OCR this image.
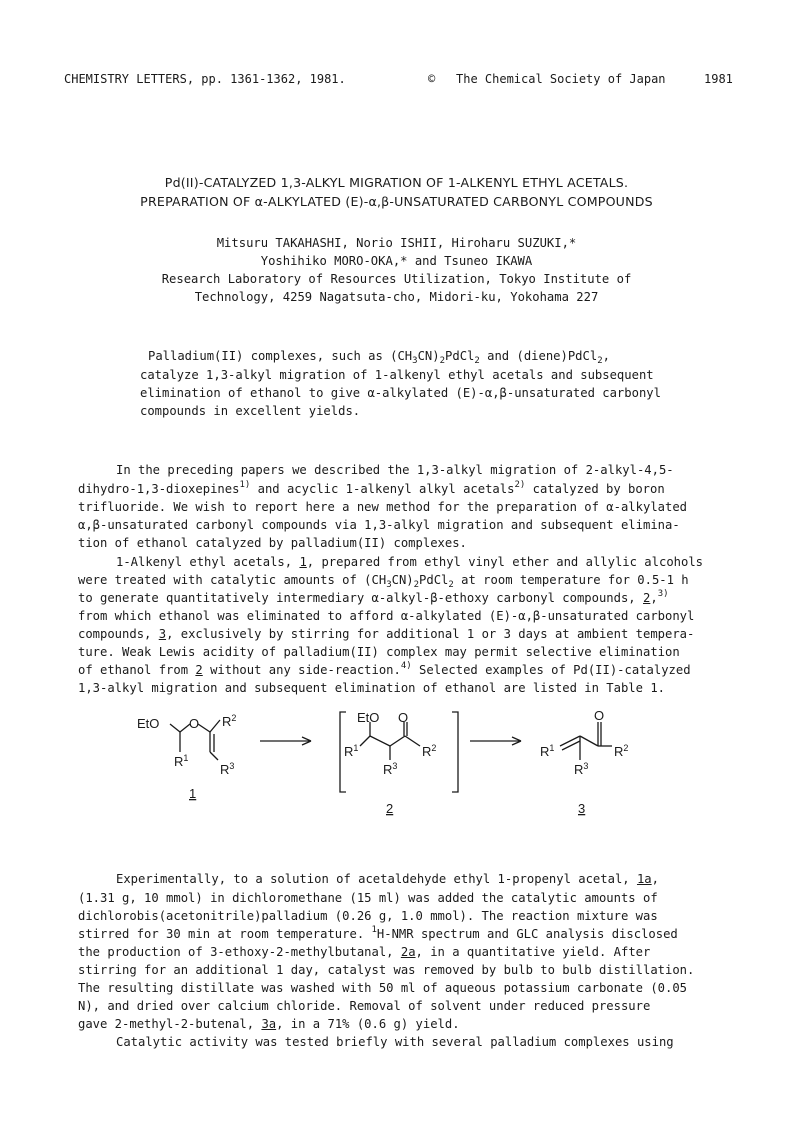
CHEMISTRY LETTERS, pp. 1361-1362, 1981.	© The Chemical Society of Japan	1981
Pd(II)-CATALYZED 1,3-ALKYL MIGRATION OF 1-ALKENYL ETHYL ACETALS.
PREPARATION OF α-ALKYLATED (E)-α,β-UNSATURATED CARBONYL COMPOUNDS
Mitsuru TAKAHASHI, Norio ISHII, Hiroharu SUZUKI,*
Yoshihiko MORO-OKA,* and Tsuneo IKAWA
Research Laboratory of Resources Utilization, Tokyo Institute of
Technology, 4259 Nagatsuta-cho, Midori-ku, Yokohama 227
Palladium(II) complexes, such as $(CH_3CN)_2PdCl_2$ and (diene)PdCl$_2$,
catalyze 1,3-alkyl migration of 1-alkenyl ethyl acetals and subsequent
elimination of ethanol to give α-alkylated (E)-α,β-unsaturated carbonyl
compounds in excellent yields.
In the preceding papers we described the 1,3-alkyl migration of 2-alkyl-4,5-
dihydro-1,3-dioxepines$^{1)}$ and acyclic 1-alkenyl alkyl acetals$^{2)}$ catalyzed by boron
trifluoride. We wish to report here a new method for the preparation of α-alkylated
α,β-unsaturated carbonyl compounds via 1,3-alkyl migration and subsequent elimina-
tion of ethanol catalyzed by palladium(II) complexes.
1-Alkenyl ethyl acetals, 1, prepared from ethyl vinyl ether and allylic alcohols
were treated with catalytic amounts of $(CH_3CN)_2PdCl_2$ at room temperature for 0.5-1 h
to generate quantitatively intermediary α-alkyl-β-ethoxy carbonyl compounds, 2,$^{3)}$
from which ethanol was eliminated to afford α-alkylated (E)-α,β-unsaturated carbonyl
compounds, 3, exclusively by stirring for additional 1 or 3 days at ambient tempera-
ture. Weak Lewis acidity of palladium(II) complex may permit selective elimination
of ethanol from 2 without any side-reaction.$^{4)}$ Selected examples of Pd(II)-catalyzed
1,3-alkyl migration and subsequent elimination of ethanol are listed in Table 1.
EtO O $R^2$
$R^1$
$R^3$
1
EtO O
$R^1$	$R^2$
$R^3$
2
O
$R^1$	$R^2$
$R^3$
3
Experimentally, to a solution of acetaldehyde ethyl 1-propenyl acetal, 1a,
(1.31 g, 10 mmol) in dichloromethane (15 ml) was added the catalytic amounts of
dichlorobis(acetonitrile)palladium (0.26 g, 1.0 mmol). The reaction mixture was
stirred for 30 min at room temperature. $^1$H-NMR spectrum and GLC analysis disclosed
the production of 3-ethoxy-2-methylbutanal, 2a, in a quantitative yield. After
stirring for an additional 1 day, catalyst was removed by bulb to bulb distillation.
The resulting distillate was washed with 50 ml of aqueous potassium carbonate (0.05
N), and dried over calcium chloride. Removal of solvent under reduced pressure
gave 2-methyl-2-butenal, 3a, in a 71% (0.6 g) yield.
Catalytic activity was tested briefly with several palladium complexes using
